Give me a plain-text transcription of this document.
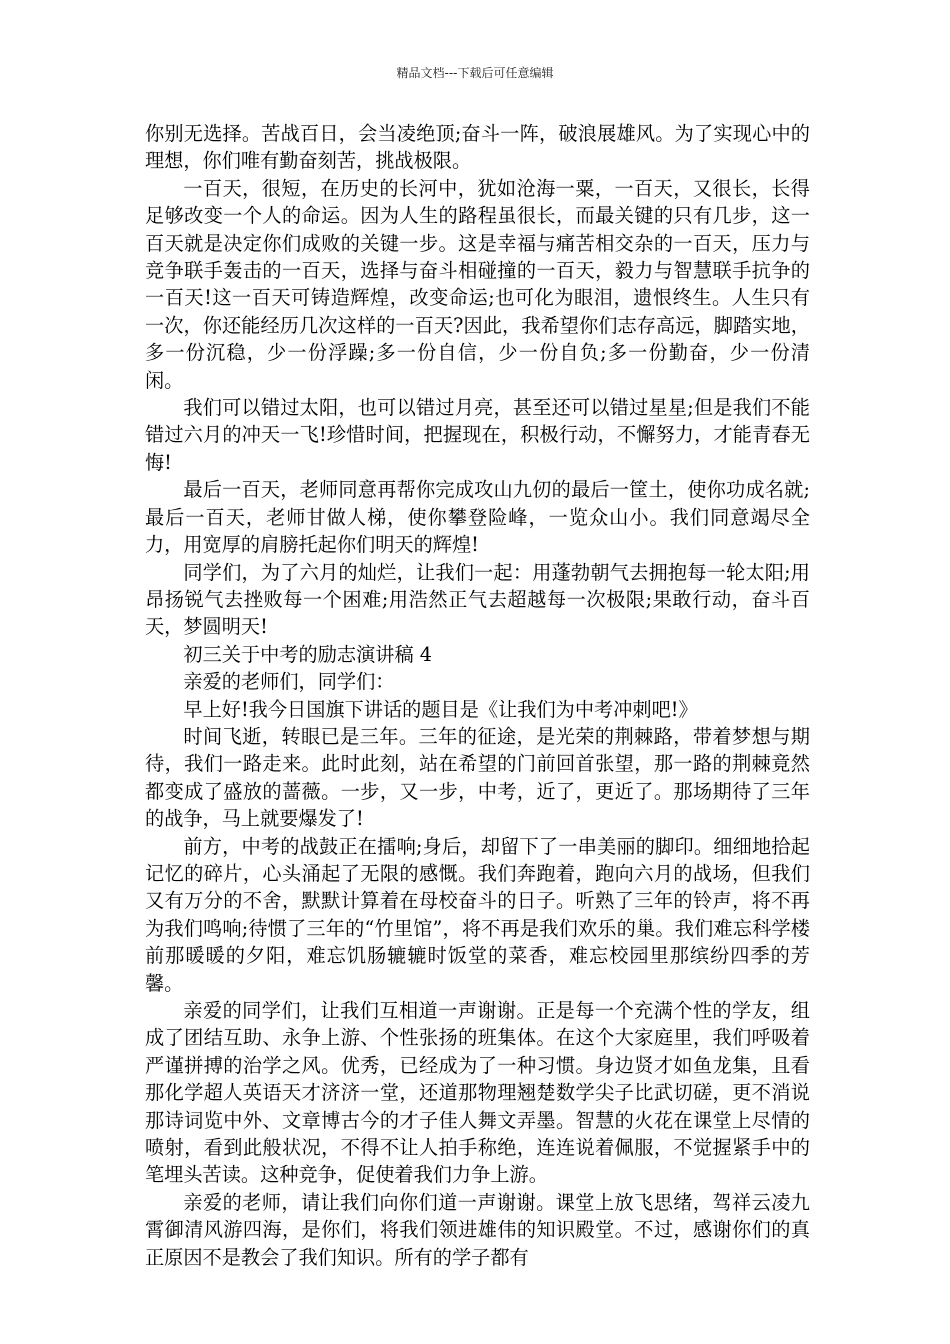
精品文档---下载后可任意编辑

你别无选择。苦战百日，会当凌绝顶;奋斗一阵，破浪展雄风。为了实现心中的理想，你们唯有勤奋刻苦，挑战极限。

一百天，很短，在历史的长河中，犹如沧海一粟，一百天，又很长，长得足够改变一个人的命运。因为人生的路程虽很长，而最关键的只有几步，这一百天就是决定你们成败的关键一步。这是幸福与痛苦相交杂的一百天，压力与竞争联手轰击的一百天，选择与奋斗相碰撞的一百天，毅力与智慧联手抗争的一百天!这一百天可铸造辉煌，改变命运;也可化为眼泪，遗恨终生。人生只有一次，你还能经历几次这样的一百天?因此，我希望你们志存高远，脚踏实地，多一份沉稳，少一份浮躁;多一份自信，少一份自负;多一份勤奋，少一份清闲。

我们可以错过太阳，也可以错过月亮，甚至还可以错过星星;但是我们不能错过六月的冲天一飞!珍惜时间，把握现在，积极行动，不懈努力，才能青春无悔!

最后一百天，老师同意再帮你完成攻山九仞的最后一筐土，使你功成名就;最后一百天，老师甘做人梯，使你攀登险峰，一览众山小。我们同意竭尽全力，用宽厚的肩膀托起你们明天的辉煌!

同学们，为了六月的灿烂，让我们一起：用蓬勃朝气去拥抱每一轮太阳;用昂扬锐气去挫败每一个困难;用浩然正气去超越每一次极限;果敢行动，奋斗百天，梦圆明天!

初三关于中考的励志演讲稿 4

亲爱的老师们，同学们：

早上好!我今日国旗下讲话的题目是《让我们为中考冲刺吧!》

时间飞逝，转眼已是三年。三年的征途，是光荣的荆棘路，带着梦想与期待，我们一路走来。此时此刻，站在希望的门前回首张望，那一路的荆棘竟然都变成了盛放的蔷薇。一步，又一步，中考，近了，更近了。那场期待了三年的战争，马上就要爆发了!

前方，中考的战鼓正在擂响;身后，却留下了一串美丽的脚印。细细地拾起记忆的碎片，心头涌起了无限的感慨。我们奔跑着，跑向六月的战场，但我们又有万分的不舍，默默计算着在母校奋斗的日子。听熟了三年的铃声，将不再为我们鸣响;待惯了三年的“竹里馆”，将不再是我们欢乐的巢。我们难忘科学楼前那暖暖的夕阳，难忘饥肠辘辘时饭堂的菜香，难忘校园里那缤纷四季的芳馨。

亲爱的同学们，让我们互相道一声谢谢。正是每一个充满个性的学友，组成了团结互助、永争上游、个性张扬的班集体。在这个大家庭里，我们呼吸着严谨拼搏的治学之风。优秀，已经成为了一种习惯。身边贤才如鱼龙集，且看那化学超人英语天才济济一堂，还道那物理翘楚数学尖子比武切磋，更不消说那诗词览中外、文章博古今的才子佳人舞文弄墨。智慧的火花在课堂上尽情的喷射，看到此般状况，不得不让人拍手称绝，连连说着佩服，不觉握紧手中的笔埋头苦读。这种竞争，促使着我们力争上游。

亲爱的老师，请让我们向你们道一声谢谢。课堂上放飞思绪，驾祥云凌九霄御清风游四海，是你们，将我们领进雄伟的知识殿堂。不过，感谢你们的真正原因不是教会了我们知识。所有的学子都有
